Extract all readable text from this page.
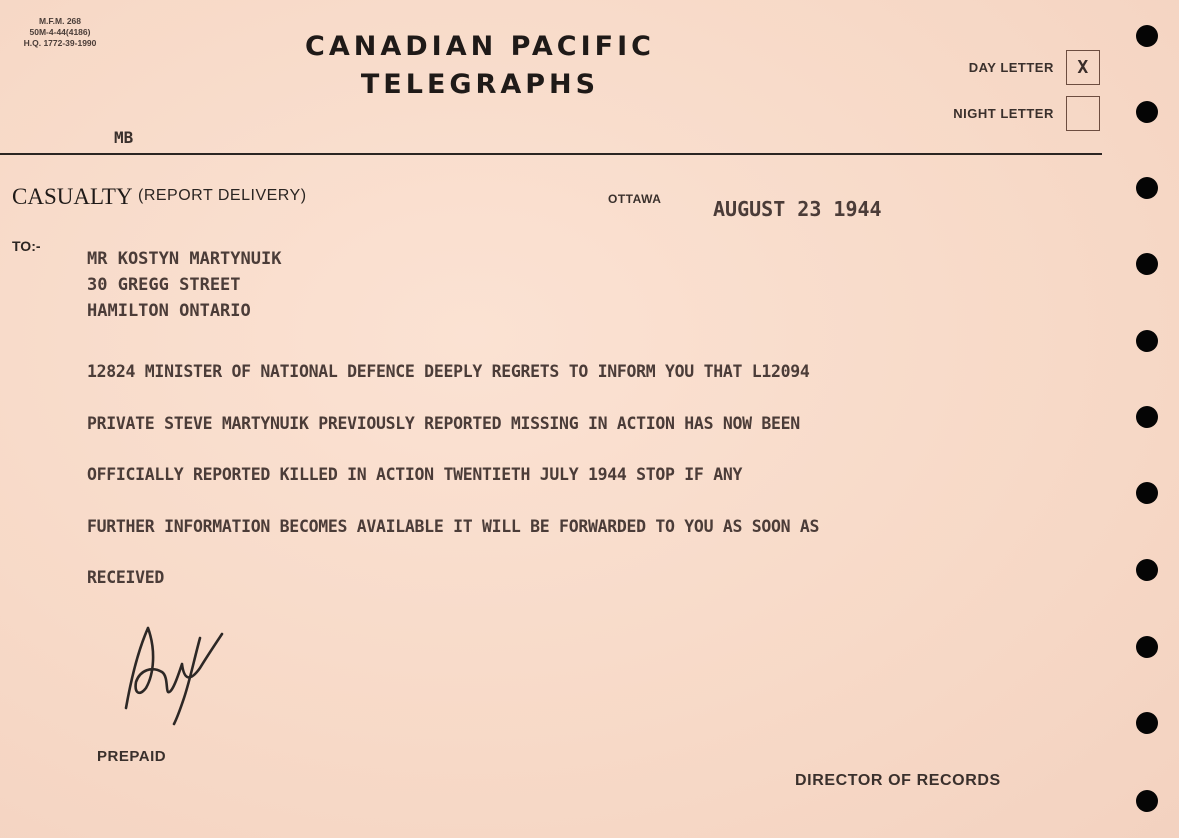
M.F.M. 268
50M-4-44(4186)
H.Q. 1772-39-1990	CANADIAN PACIFIC
TELEGRAPHS
MB
DAY LETTER X
NIGHT LETTER
CASUALTY (REPORT DELIVERY)	OTTAWA	AUGUST 23 1944
TO:-
MR KOSTYN MARTYNUIK
30 GREGG STREET
HAMILTON ONTARIO
12824 MINISTER OF NATIONAL DEFENCE DEEPLY REGRETS TO INFORM YOU THAT L12094
PRIVATE STEVE MARTYNUIK PREVIOUSLY REPORTED MISSING IN ACTION HAS NOW BEEN
OFFICIALLY REPORTED KILLED IN ACTION TWENTIETH JULY 1944 STOP IF ANY
FURTHER INFORMATION BECOMES AVAILABLE IT WILL BE FORWARDED TO YOU AS SOON AS
RECEIVED
PREPAID
DIRECTOR OF RECORDS
